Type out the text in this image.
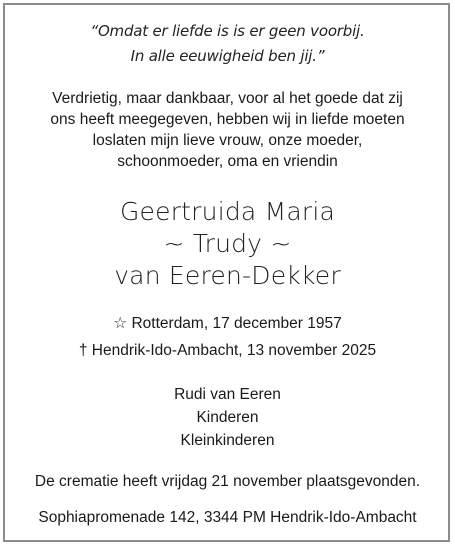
“Omdat er liefde is is er geen voorbij.
In alle eeuwigheid ben jij.”
Verdrietig, maar dankbaar, voor al het goede dat zij
ons heeft meegegeven, hebben wij in liefde moeten
loslaten mijn lieve vrouw, onze moeder,
schoonmoeder, oma en vriendin
Geertruida Maria
~ Trudy ~
van Eeren-Dekker
☆ Rotterdam, 17 december 1957
† Hendrik-Ido-Ambacht, 13 november 2025
Rudi van Eeren
Kinderen
Kleinkinderen
De crematie heeft vrijdag 21 november plaatsgevonden.
Sophiapromenade 142, 3344 PM Hendrik-Ido-Ambacht
